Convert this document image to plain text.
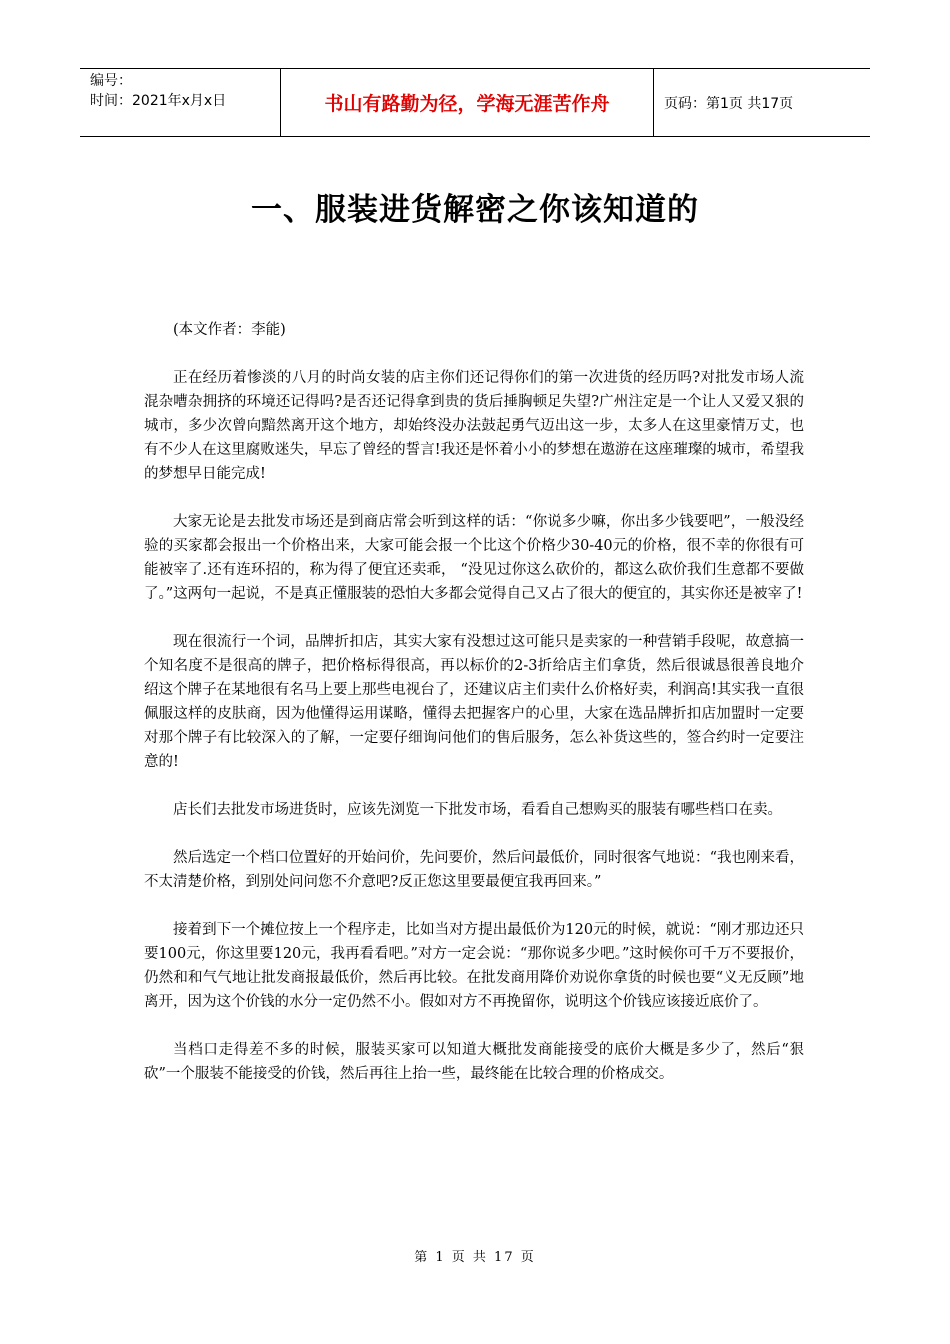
编号：
时间：2021年x月x日	书山有路勤为径，学海无涯苦作舟	页码：第1页 共17页
一、服装进货解密之你该知道的

(本文作者：李能)

正在经历着惨淡的八月的时尚女装的店主你们还记得你们的第一次进货的经历吗?对批发市场人流混杂嘈杂拥挤的环境还记得吗?是否还记得拿到贵的货后捶胸顿足失望?广州注定是一个让人又爱又狠的城市，多少次曾向黯然离开这个地方，却始终没办法鼓起勇气迈出这一步，太多人在这里豪情万丈，也有不少人在这里腐败迷失，早忘了曾经的誓言!我还是怀着小小的梦想在遨游在这座璀璨的城市，希望我的梦想早日能完成!

大家无论是去批发市场还是到商店常会听到这样的话：“你说多少嘛，你出多少钱要吧”，一般没经验的买家都会报出一个价格出来，大家可能会报一个比这个价格少30-40元的价格，很不幸的你很有可能被宰了.还有连环招的，称为得了便宜还卖乖， “没见过你这么砍价的，都这么砍价我们生意都不要做了。”这两句一起说，不是真正懂服装的恐怕大多都会觉得自己又占了很大的便宜的，其实你还是被宰了!

现在很流行一个词，品牌折扣店，其实大家有没想过这可能只是卖家的一种营销手段呢，故意搞一个知名度不是很高的牌子，把价格标得很高，再以标价的2-3折给店主们拿货，然后很诚恳很善良地介绍这个牌子在某地很有名马上要上那些电视台了，还建议店主们卖什么价格好卖，利润高!其实我一直很佩服这样的皮肤商，因为他懂得运用谋略，懂得去把握客户的心里，大家在选品牌折扣店加盟时一定要对那个牌子有比较深入的了解，一定要仔细询问他们的售后服务，怎么补货这些的，签合约时一定要注意的!

店长们去批发市场进货时，应该先浏览一下批发市场，看看自己想购买的服装有哪些档口在卖。

然后选定一个档口位置好的开始问价，先问要价，然后问最低价，同时很客气地说：“我也刚来看，不太清楚价格，到别处问问您不介意吧?反正您这里要最便宜我再回来。”

接着到下一个摊位按上一个程序走，比如当对方提出最低价为120元的时候，就说：“刚才那边还只要100元，你这里要120元，我再看看吧。”对方一定会说：“那你说多少吧。”这时候你可千万不要报价，仍然和和气气地让批发商报最低价，然后再比较。在批发商用降价劝说你拿货的时候也要“义无反顾”地离开，因为这个价钱的水分一定仍然不小。假如对方不再挽留你，说明这个价钱应该接近底价了。

当档口走得差不多的时候，服装买家可以知道大概批发商能接受的底价大概是多少了，然后“狠砍”一个服装不能接受的价钱，然后再往上抬一些，最终能在比较合理的价格成交。

第 1 页 共 17 页
